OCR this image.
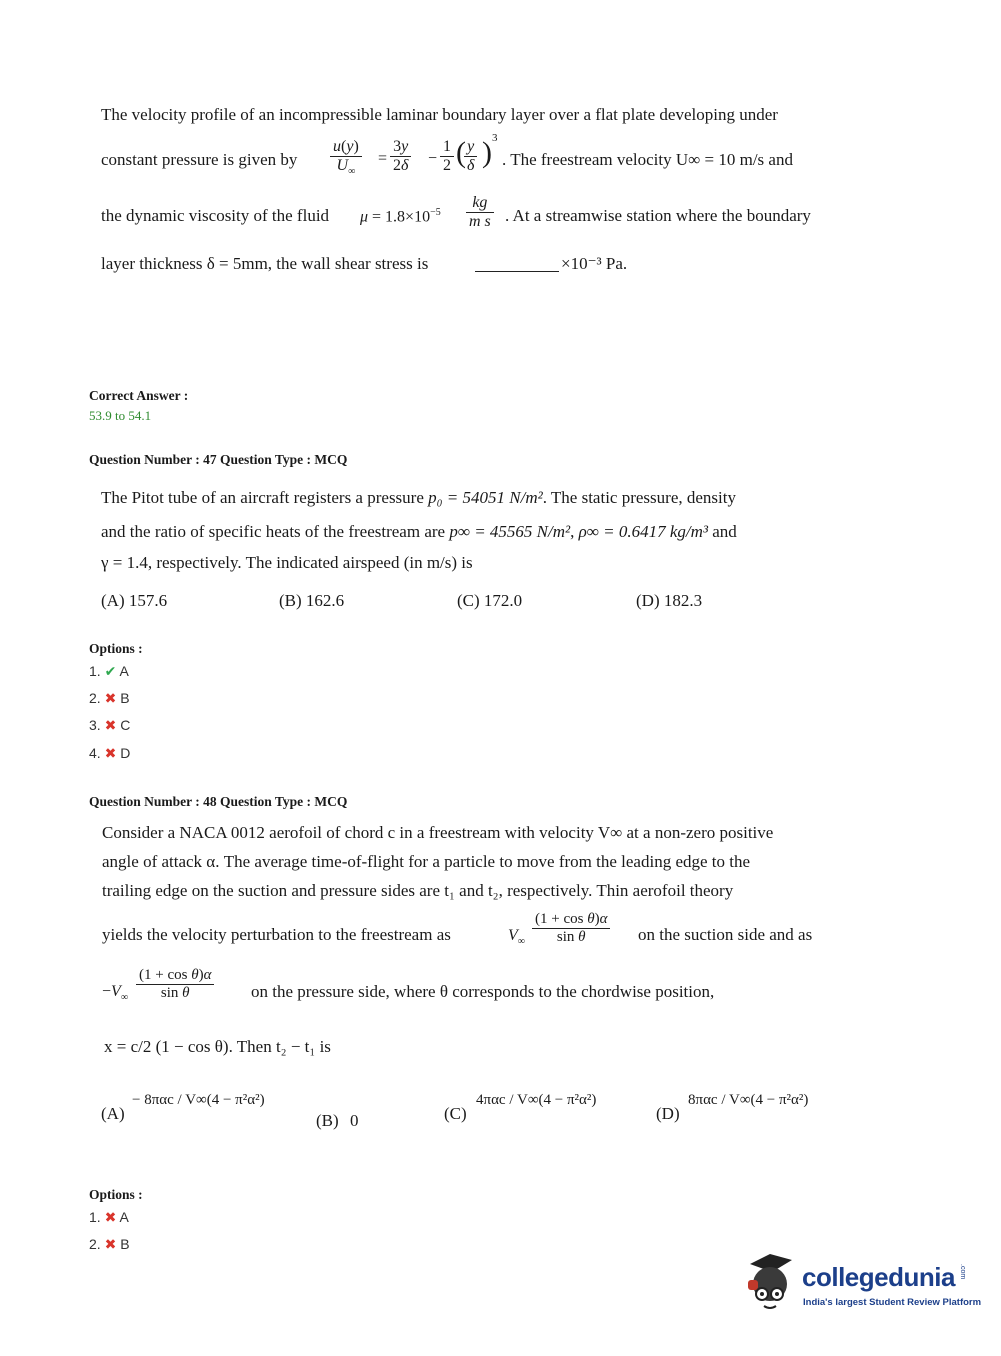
The velocity profile of an incompressible laminar boundary layer over a flat plate developing under
constant pressure is given by $\frac{u(y)}{U_\infty} = \frac{3y}{2\delta} - \frac{1}{2}$ (
$\frac{y}{\delta}$ ) 3
. The freestream velocity U∞ = 10 m/s and
the dynamic viscosity of the fluid $\mu = 1.8\times 10^{-5} \frac{kg}{\text{m s}}$ . At a streamwise station where the boundary
layer thickness δ = 5mm, the wall shear stress is	×10⁻³ Pa.
Correct Answer :
53.9 to 54.1
Question Number : 47 Question Type : MCQ
The Pitot tube of an aircraft registers a pressure p₀ = 54051 N/m². The static pressure, density
and the ratio of specific heats of the freestream are p∞ = 45565 N/m², ρ∞ = 0.6417 kg/m³ and
γ = 1.4, respectively. The indicated airspeed (in m/s) is
(A) 157.6	(B) 162.6	(C) 172.0	(D) 182.3
Options :
1. ✔ A
2. ✖ B
3. ✖ C
4. ✖ D
Question Number : 48 Question Type : MCQ
Consider a NACA 0012 aerofoil of chord c in a freestream with velocity V∞ at a non-zero positive
angle of attack α. The average time-of-flight for a particle to move from the leading edge to the
trailing edge on the suction and pressure sides are t₁ and t₂, respectively. Thin aerofoil theory
yields the velocity perturbation to the freestream as	$V_\infty \frac{\text{(1 + cos θ)α}}{\text{sin θ}}$ on the suction side and as
$-V_\infty \frac{\text{(1 + cos θ)α}}{\text{sin θ}}$ on the pressure side, where θ corresponds to the chordwise position,
x = c/2 (1 − cos θ). Then t₂ − t₁ is
(A)
− 8παc / V∞(4 − π²α²)
(B) 0	(C)
4παc / V∞(4 − π²α²)
(D)
8παc / V∞(4 − π²α²)
Options :
1. ✖ A
2. ✖ B
collegedunia .com
India's largest Student Review Platform
